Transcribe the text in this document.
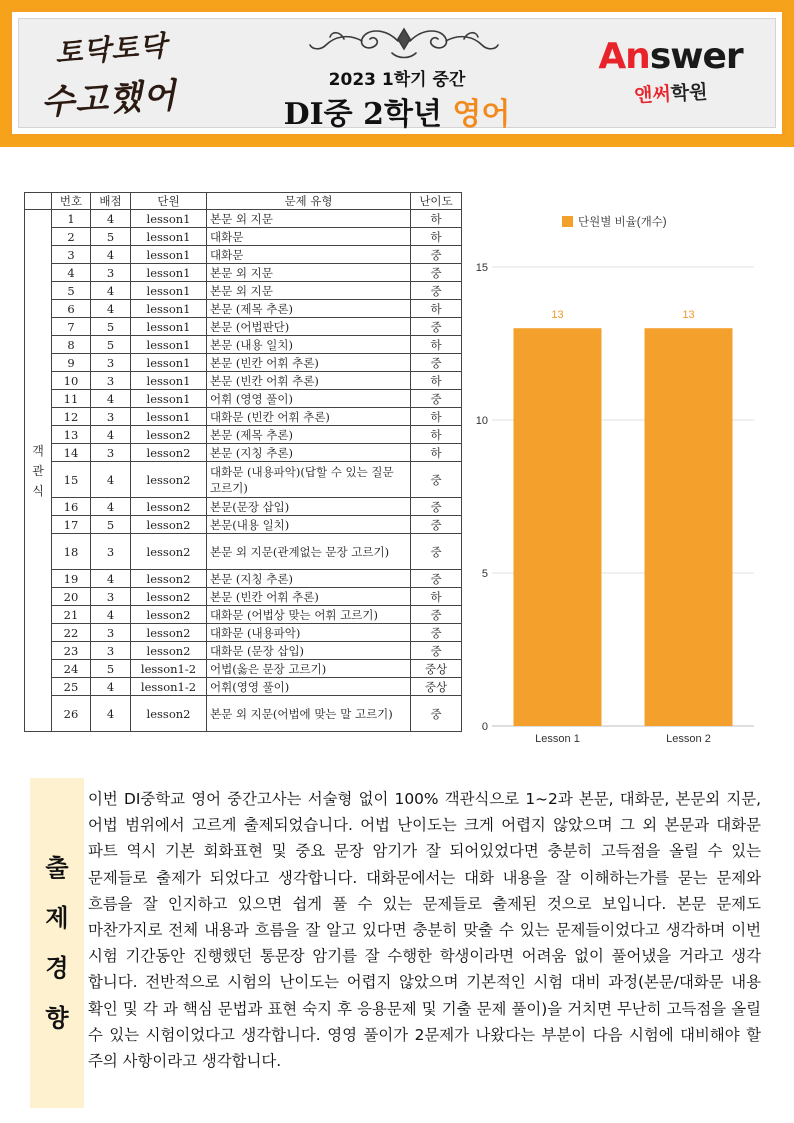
토닥토닥
수고했어	2023 1학기 중간
DI중 2학년 영어
Answer
앤써학원
	번호	배점	단원	문제 유형	난이도
객관식	1	4	lesson1	본문 외 지문	하
	2	5	lesson1	대화문	하
	3	4	lesson1	대화문	중
	4	3	lesson1	본문 외 지문	중
	5	4	lesson1	본문 외 지문	중
	6	4	lesson1	본문 (제목 추론)	하
	7	5	lesson1	본문 (어법판단)	중
	8	5	lesson1	본문 (내용 일치)	하
	9	3	lesson1	본문 (빈칸 어휘 추론)	중
	10	3	lesson1	본문 (빈칸 어휘 추론)	하
	11	4	lesson1	어휘 (영영 풀이)	중
	12	3	lesson1	대화문 (빈칸 어휘 추론)	하
	13	4	lesson2	본문 (제목 추론)	하
	14	3	lesson2	본문 (지칭 추론)	하
	15	4	lesson2	대화문 (내용파악)(답할 수 있는 질문 고르기)	중
	16	4	lesson2	본문(문장 삽입)	중
	17	5	lesson2	본문(내용 일치)	중
	18	3	lesson2	본문 외 지문(관계없는 문장 고르기)	중
	19	4	lesson2	본문 (지칭 추론)	중
	20	3	lesson2	본문 (빈칸 어휘 추론)	하
	21	4	lesson2	대화문 (어법상 맞는 어휘 고르기)	중
	22	3	lesson2	대화문 (내용파악)	중
	23	3	lesson2	대화문 (문장 삽입)	중
	24	5	lesson1-2	어법(옳은 문장 고르기)	중상
	25	4	lesson1-2	어휘(영영 풀이)	중상
	26	4	lesson2	본문 외 지문(어법에 맞는 말 고르기)	중
단원별 비율(개수)
0
5
10
15
13
Lesson 1
13
Lesson 2
출
제
경
향
이번 DI중학교 영어 중간고사는 서술형 없이 100% 객관식으로 1~2과 본문, 대화문, 본문외 지문, 어법 범위에서 고르게 출제되었습니다. 어법 난이도는 크게 어렵지 않았으며 그 외 본문과 대화문 파트 역시 기본 회화표현 및 중요 문장 암기가 잘 되어있었다면 충분히 고득점을 올릴 수 있는 문제들로 출제가 되었다고 생각합니다. 대화문에서는 대화 내용을 잘 이해하는가를 묻는 문제와 흐름을 잘 인지하고 있으면 쉽게 풀 수 있는 문제들로 출제된 것으로 보입니다. 본문 문제도 마찬가지로 전체 내용과 흐름을 잘 알고 있다면 충분히 맞출 수 있는 문제들이었다고 생각하며 이번 시험 기간동안 진행했던 통문장 암기를 잘 수행한 학생이라면 어려움 없이 풀어냈을 거라고 생각 합니다. 전반적으로 시험의 난이도는 어렵지 않았으며 기본적인 시험 대비 과정(본문/대화문 내용 확인 및 각 과 핵심 문법과 표현 숙지 후 응용문제 및 기출 문제 풀이)을 거치면 무난히 고득점을 올릴 수 있는 시험이었다고 생각합니다. 영영 풀이가 2문제가 나왔다는 부분이 다음 시험에 대비해야 할 주의 사항이라고 생각합니다.
